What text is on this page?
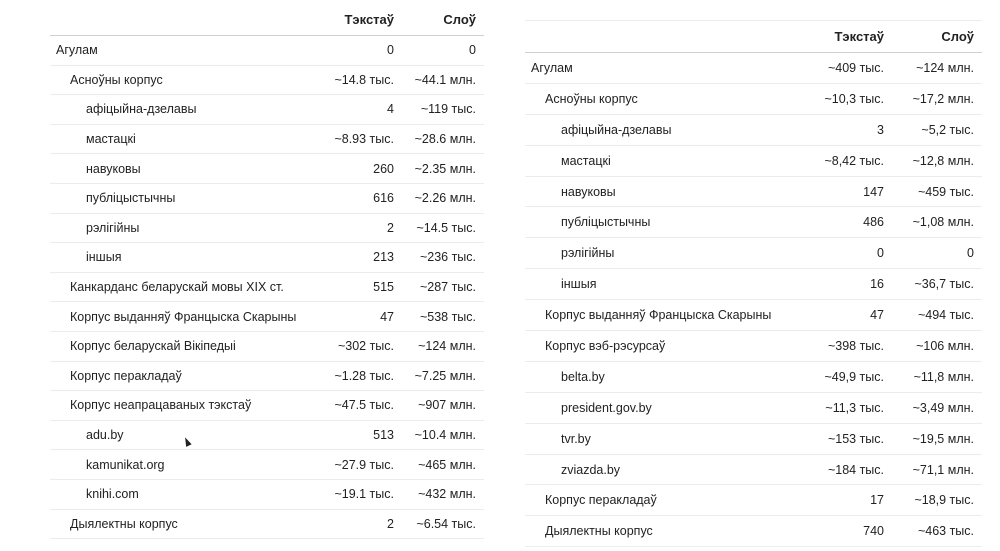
	Тэкстаў	Слоў
Агулам	0	0
Асноўны корпус	~14.8 тыс.	~44.1 млн.
афіцыйна-дзелавы	4	~119 тыс.
мастацкі	~8.93 тыс.	~28.6 млн.
навуковы	260	~2.35 млн.
публіцыстычны	616	~2.26 млн.
рэлігійны	2	~14.5 тыс.
іншыя	213	~236 тыс.
Канкарданс беларускай мовы XIX ст.	515	~287 тыс.
Корпус выданняў Францыска Скарыны	47	~538 тыс.
Корпус беларускай Вікіпедыі	~302 тыс.	~124 млн.
Корпус перакладаў	~1.28 тыс.	~7.25 млн.
Корпус неапрацаваных тэкстаў	~47.5 тыс.	~907 млн.
adu.by	513	~10.4 млн.
kamunikat.org	~27.9 тыс.	~465 млн.
knihi.com	~19.1 тыс.	~432 млн.
Дыялектны корпус	2	~6.54 тыс.
	Тэкстаў	Слоў
Агулам	~409 тыс.	~124 млн.
Асноўны корпус	~10,3 тыс.	~17,2 млн.
афіцыйна-дзелавы	3	~5,2 тыс.
мастацкі	~8,42 тыс.	~12,8 млн.
навуковы	147	~459 тыс.
публіцыстычны	486	~1,08 млн.
рэлігійны	0	0
іншыя	16	~36,7 тыс.
Корпус выданняў Францыска Скарыны	47	~494 тыс.
Корпус вэб-рэсурсаў	~398 тыс.	~106 млн.
belta.by	~49,9 тыс.	~11,8 млн.
president.gov.by	~11,3 тыс.	~3,49 млн.
tvr.by	~153 тыс.	~19,5 млн.
zviazda.by	~184 тыс.	~71,1 млн.
Корпус перакладаў	17	~18,9 тыс.
Дыялектны корпус	740	~463 тыс.
